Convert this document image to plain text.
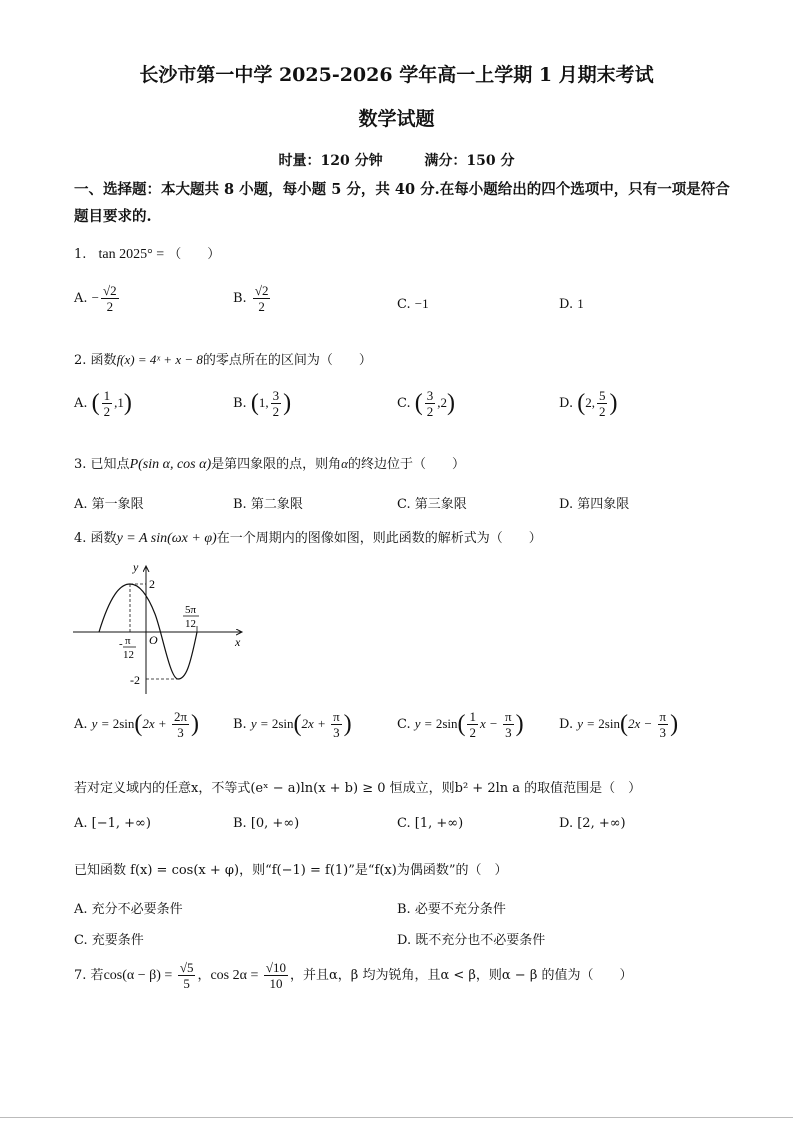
长沙市第一中学 2025-2026 学年高一上学期 1 月期末考试
数学试题
时量：120 分钟	满分：150 分
一、选择题：本大题共 8 小题，每小题 5 分，共 40 分.在每小题给出的四个选项中，只有一项是符合题目要求的.
1. tan 2025° = （　　）
A. − $\frac{√2}{2}$	B. $\frac{√2}{2}$	C. −1	D. 1
2. 函数f(x) = 4ˣ + x − 8的零点所在的区间为（　　）
A. ( $\frac{1}{2} ,1$)	B. (1, $\frac{3}{2}$ )	C. ( $\frac{3}{2} ,2$)	D. (2, $\frac{5}{2}$ )
3. 已知点P(sin α, cos α)是第四象限的点，则角α的终边位于（　　）
A. 第一象限	B. 第二象限	C. 第三象限	D. 第四象限
4. 函数y = A sin(ωx + φ)在一个周期内的图像如图，则此函数的解析式为（　　）
y
x
O
2
-2
- π
12
5π
12
A. $y = 2\sin(2x + \frac{2\pi}{3}$ )	B. $y = 2\sin(2x + \frac{\pi}{3}$ )	C. $y = 2\sin( \frac{1}{2}$ $x - \frac{\pi}{3}$ )	D. $y = 2\sin(2x - \frac{\pi}{3}$ )
若对定义域内的任意x，不等式(eˣ − a)ln(x + b) ≥ 0 恒成立，则b² + 2ln a 的取值范围是（　）
A. [−1, +∞)	B. [0, +∞)	C. [1, +∞)	D. [2, +∞)
已知函数 f(x) = cos(x + φ)，则“f(−1) = f(1)”是“f(x)为偶函数”的（　）
A. 充分不必要条件	B. 必要不充分条件
C. 充要条件	D. 既不充分也不必要条件
7. 若$\cos(\alpha - \beta) = \frac{√5}{5}$ ，$\cos 2\alpha = \frac{√10}{10}$ ，并且α，β 均为锐角，且α < β，则α − β 的值为（　　）
